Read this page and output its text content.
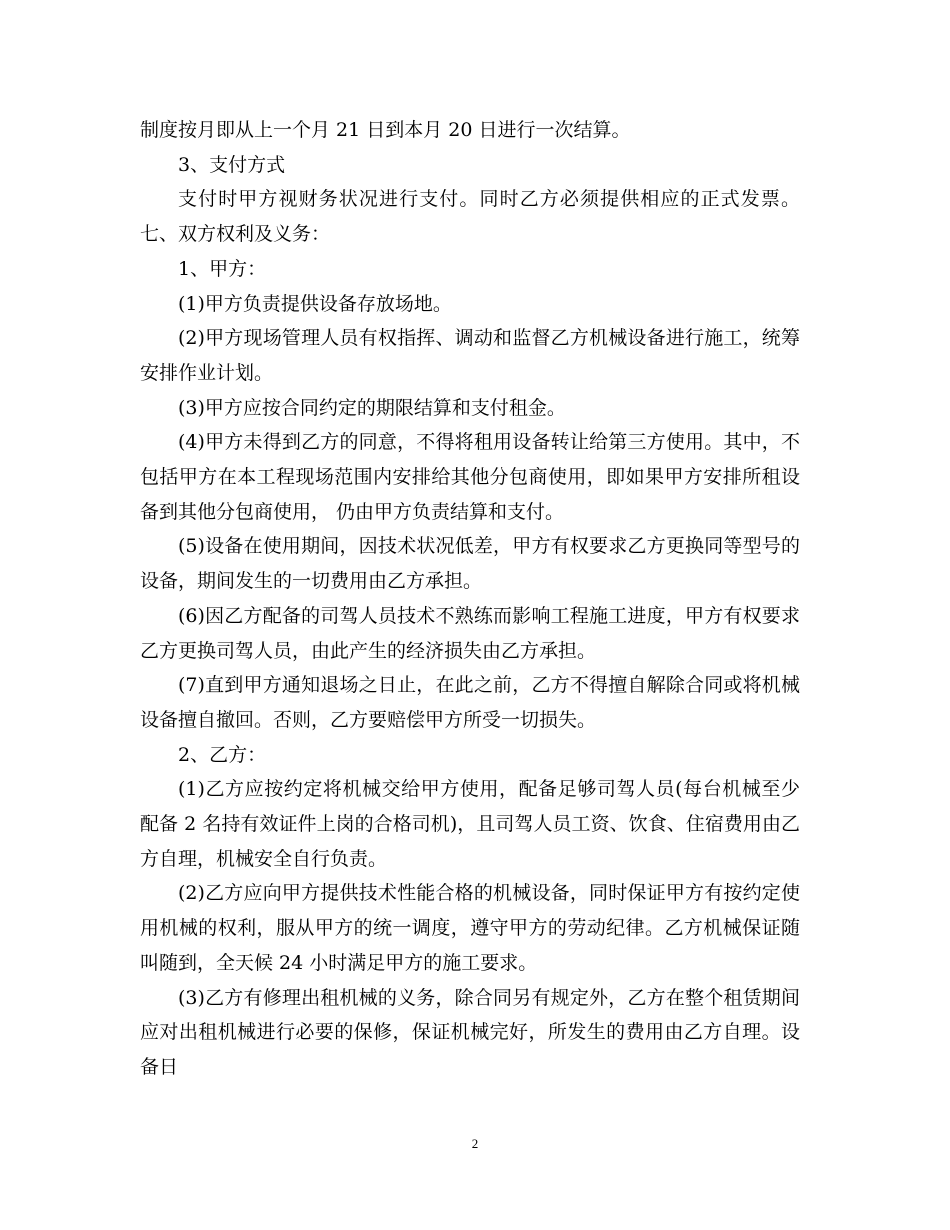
制度按月即从上一个月 21 日到本月 20 日进行一次结算。

3、支付方式

支付时甲方视财务状况进行支付。同时乙方必须提供相应的正式发票。 七、双方权利及义务：

1、甲方：

(1)甲方负责提供设备存放场地。

(2)甲方现场管理人员有权指挥、调动和监督乙方机械设备进行施工，统筹安排作业计划。

(3)甲方应按合同约定的期限结算和支付租金。

(4)甲方未得到乙方的同意，不得将租用设备转让给第三方使用。其中，不包括甲方在本工程现场范围内安排给其他分包商使用，即如果甲方安排所租设备到其他分包商使用， 仍由甲方负责结算和支付。

(5)设备在使用期间，因技术状况低差，甲方有权要求乙方更换同等型号的设备，期间发生的一切费用由乙方承担。

(6)因乙方配备的司驾人员技术不熟练而影响工程施工进度，甲方有权要求乙方更换司驾人员，由此产生的经济损失由乙方承担。

(7)直到甲方通知退场之日止，在此之前，乙方不得擅自解除合同或将机械设备擅自撤回。否则，乙方要赔偿甲方所受一切损失。

2、乙方：

(1)乙方应按约定将机械交给甲方使用，配备足够司驾人员(每台机械至少配备 2 名持有效证件上岗的合格司机)，且司驾人员工资、饮食、住宿费用由乙方自理，机械安全自行负责。

(2)乙方应向甲方提供技术性能合格的机械设备，同时保证甲方有按约定使用机械的权利，服从甲方的统一调度，遵守甲方的劳动纪律。乙方机械保证随叫随到，全天候 24 小时满足甲方的施工要求。

(3)乙方有修理出租机械的义务，除合同另有规定外，乙方在整个租赁期间应对出租机械进行必要的保修，保证机械完好，所发生的费用由乙方自理。设备日

2
